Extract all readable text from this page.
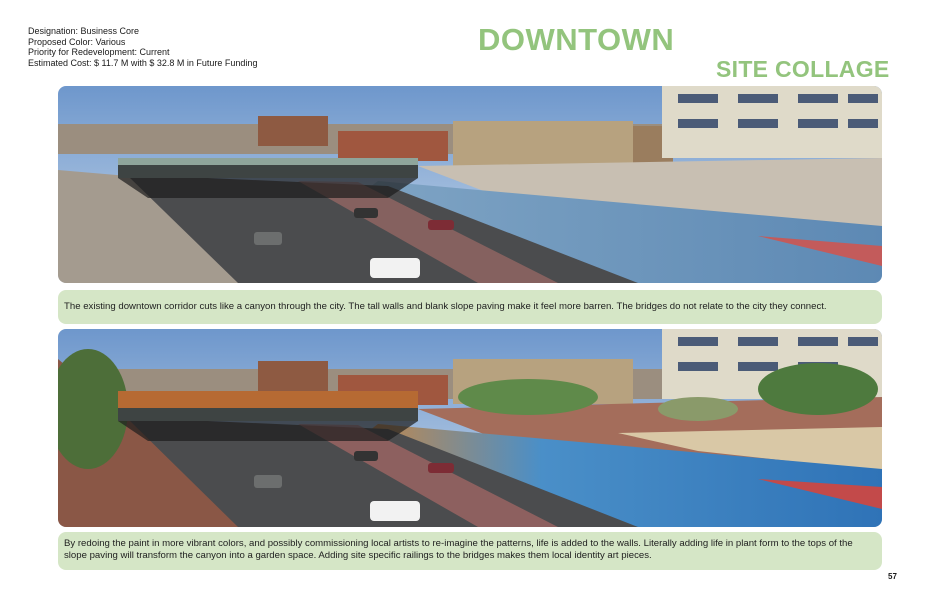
Designation: Business Core
Proposed Color: Various
Priority for Redevelopment: Current
Estimated Cost: $ 11.7 M with $ 32.8 M in Future Funding
DOWNTOWN
SITE COLLAGE
The existing downtown corridor cuts like a canyon through the city. The tall walls and blank slope paving make it feel more barren. The bridges do not relate to the city they connect.
By redoing the paint in more vibrant colors, and possibly commissioning local artists to re-imagine the patterns, life is added to the walls. Literally adding life in plant form to the tops of the slope paving will transform the canyon into a garden space. Adding site specific railings to the bridges makes them local identity art pieces.
57
